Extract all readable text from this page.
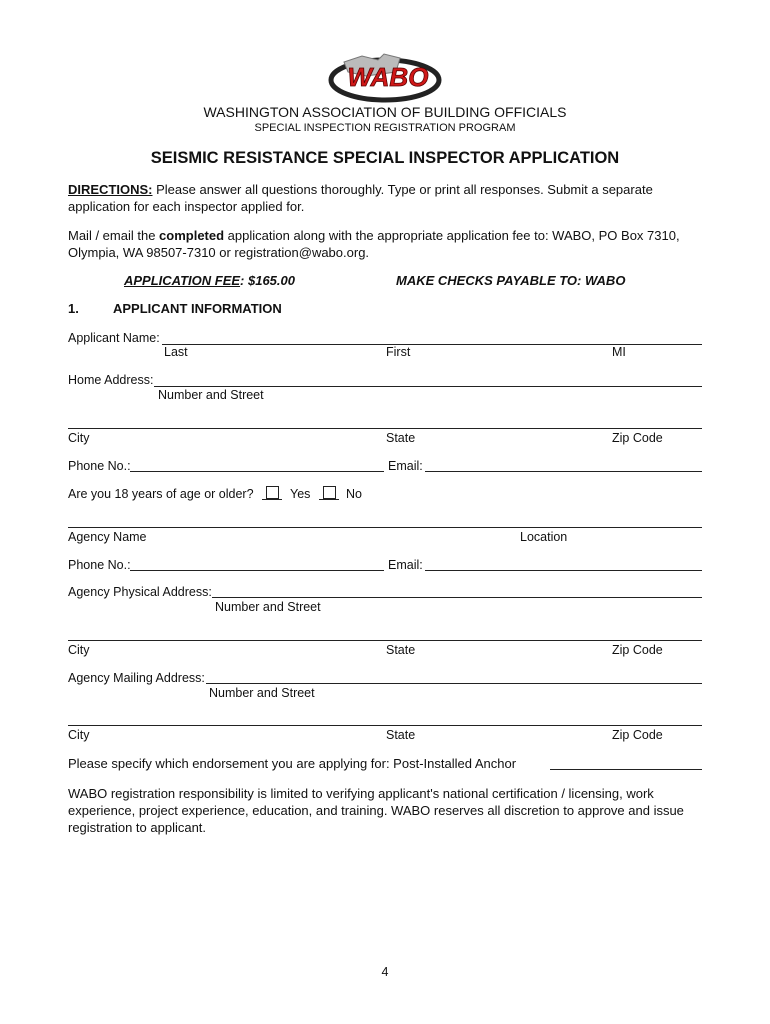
WABO
WASHINGTON ASSOCIATION OF BUILDING OFFICIALS
SPECIAL INSPECTION REGISTRATION PROGRAM
SEISMIC RESISTANCE SPECIAL INSPECTOR APPLICATION
DIRECTIONS: Please answer all questions thoroughly. Type or print all responses. Submit a separate application for each inspector applied for.
Mail / email the completed application along with the appropriate application fee to: WABO, PO Box 7310, Olympia, WA 98507-7310 or registration@wabo.org.
APPLICATION FEE: $165.00	MAKE CHECKS PAYABLE TO: WABO
1.	APPLICANT INFORMATION
Applicant Name:
Last	First	MI
Home Address:
Number and Street
City	State	Zip Code
Phone No.:	Email:
Are you 18 years of age or older?	Yes	No
Agency Name	Location
Phone No.:	Email:
Agency Physical Address:
Number and Street
City	State	Zip Code
Agency Mailing Address:
Number and Street
City	State	Zip Code
Please specify which endorsement you are applying for: Post-Installed Anchor
WABO registration responsibility is limited to verifying applicant's national certification / licensing, work experience, project experience, education, and training. WABO reserves all discretion to approve and issue registration to applicant.
4
